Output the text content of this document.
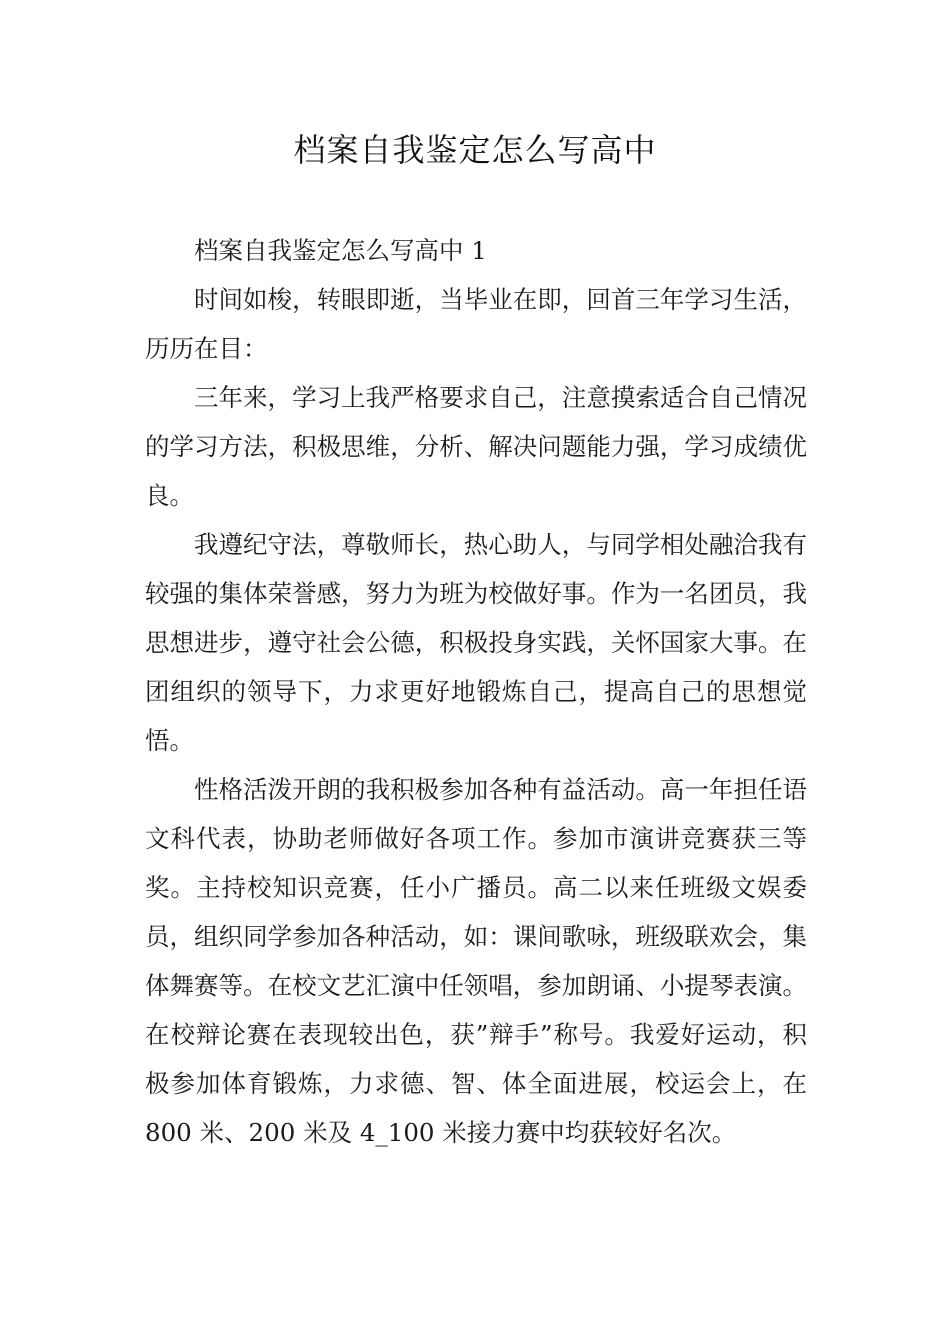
档案自我鉴定怎么写高中

档案自我鉴定怎么写高中 1

时间如梭，转眼即逝，当毕业在即，回首三年学习生活，历历在目：

三年来，学习上我严格要求自己，注意摸索适合自己情况的学习方法，积极思维，分析、解决问题能力强，学习成绩优良。

我遵纪守法，尊敬师长，热心助人，与同学相处融洽我有较强的集体荣誉感，努力为班为校做好事。作为一名团员，我思想进步，遵守社会公德，积极投身实践，关怀国家大事。在团组织的领导下，力求更好地锻炼自己，提高自己的思想觉悟。

性格活泼开朗的我积极参加各种有益活动。高一年担任语文科代表，协助老师做好各项工作。参加市演讲竞赛获三等奖。主持校知识竞赛，任小广播员。高二以来任班级文娱委员，组织同学参加各种活动，如：课间歌咏，班级联欢会，集体舞赛等。在校文艺汇演中任领唱，参加朗诵、小提琴表演。在校辩论赛在表现较出色，获”辩手”称号。我爱好运动，积极参加体育锻炼，力求德、智、体全面进展，校运会上，在 800 米、200 米及 4_100 米接力赛中均获较好名次。
